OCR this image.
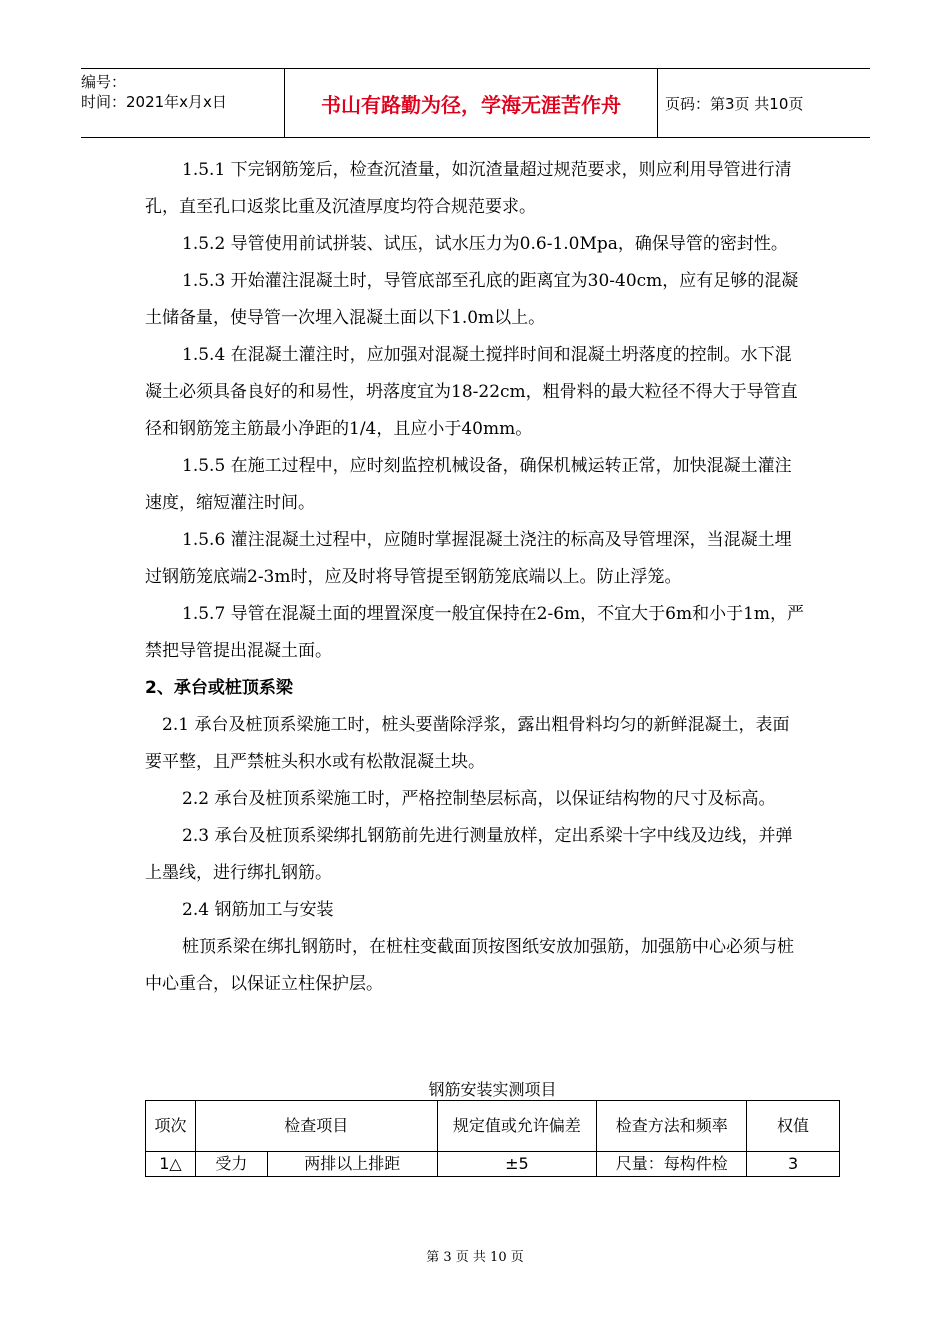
编号：
时间：2021年x月x日	书山有路勤为径，学海无涯苦作舟	页码：第3页 共10页

1.5.1 下完钢筋笼后，检查沉渣量，如沉渣量超过规范要求，则应利用导管进行清孔，直至孔口返浆比重及沉渣厚度均符合规范要求。

1.5.2 导管使用前试拼装、试压，试水压力为0.6-1.0Mpa，确保导管的密封性。

1.5.3 开始灌注混凝土时，导管底部至孔底的距离宜为30-40cm，应有足够的混凝土储备量，使导管一次埋入混凝土面以下1.0m以上。

1.5.4 在混凝土灌注时，应加强对混凝土搅拌时间和混凝土坍落度的控制。水下混凝土必须具备良好的和易性，坍落度宜为18-22cm，粗骨料的最大粒径不得大于导管直径和钢筋笼主筋最小净距的1/4，且应小于40mm。

1.5.5 在施工过程中，应时刻监控机械设备，确保机械运转正常，加快混凝土灌注速度，缩短灌注时间。

1.5.6 灌注混凝土过程中，应随时掌握混凝土浇注的标高及导管埋深，当混凝土埋过钢筋笼底端2-3m时，应及时将导管提至钢筋笼底端以上。防止浮笼。

1.5.7 导管在混凝土面的埋置深度一般宜保持在2-6m，不宜大于6m和小于1m，严禁把导管提出混凝土面。

2、承台或桩顶系梁

2.1 承台及桩顶系梁施工时，桩头要凿除浮浆，露出粗骨料均匀的新鲜混凝土，表面要平整，且严禁桩头积水或有松散混凝土块。

2.2 承台及桩顶系梁施工时，严格控制垫层标高，以保证结构物的尺寸及标高。

2.3 承台及桩顶系梁绑扎钢筋前先进行测量放样，定出系梁十字中线及边线，并弹上墨线，进行绑扎钢筋。

2.4 钢筋加工与安装

桩顶系梁在绑扎钢筋时，在桩柱变截面顶按图纸安放加强筋，加强筋中心必须与桩中心重合，以保证立柱保护层。

钢筋安装实测项目
项次	检查项目		规定值或允许偏差	检查方法和频率	权值
1△	受力	两排以上排距	±5	尺量：每构件检	3
第 3 页 共 10 页
